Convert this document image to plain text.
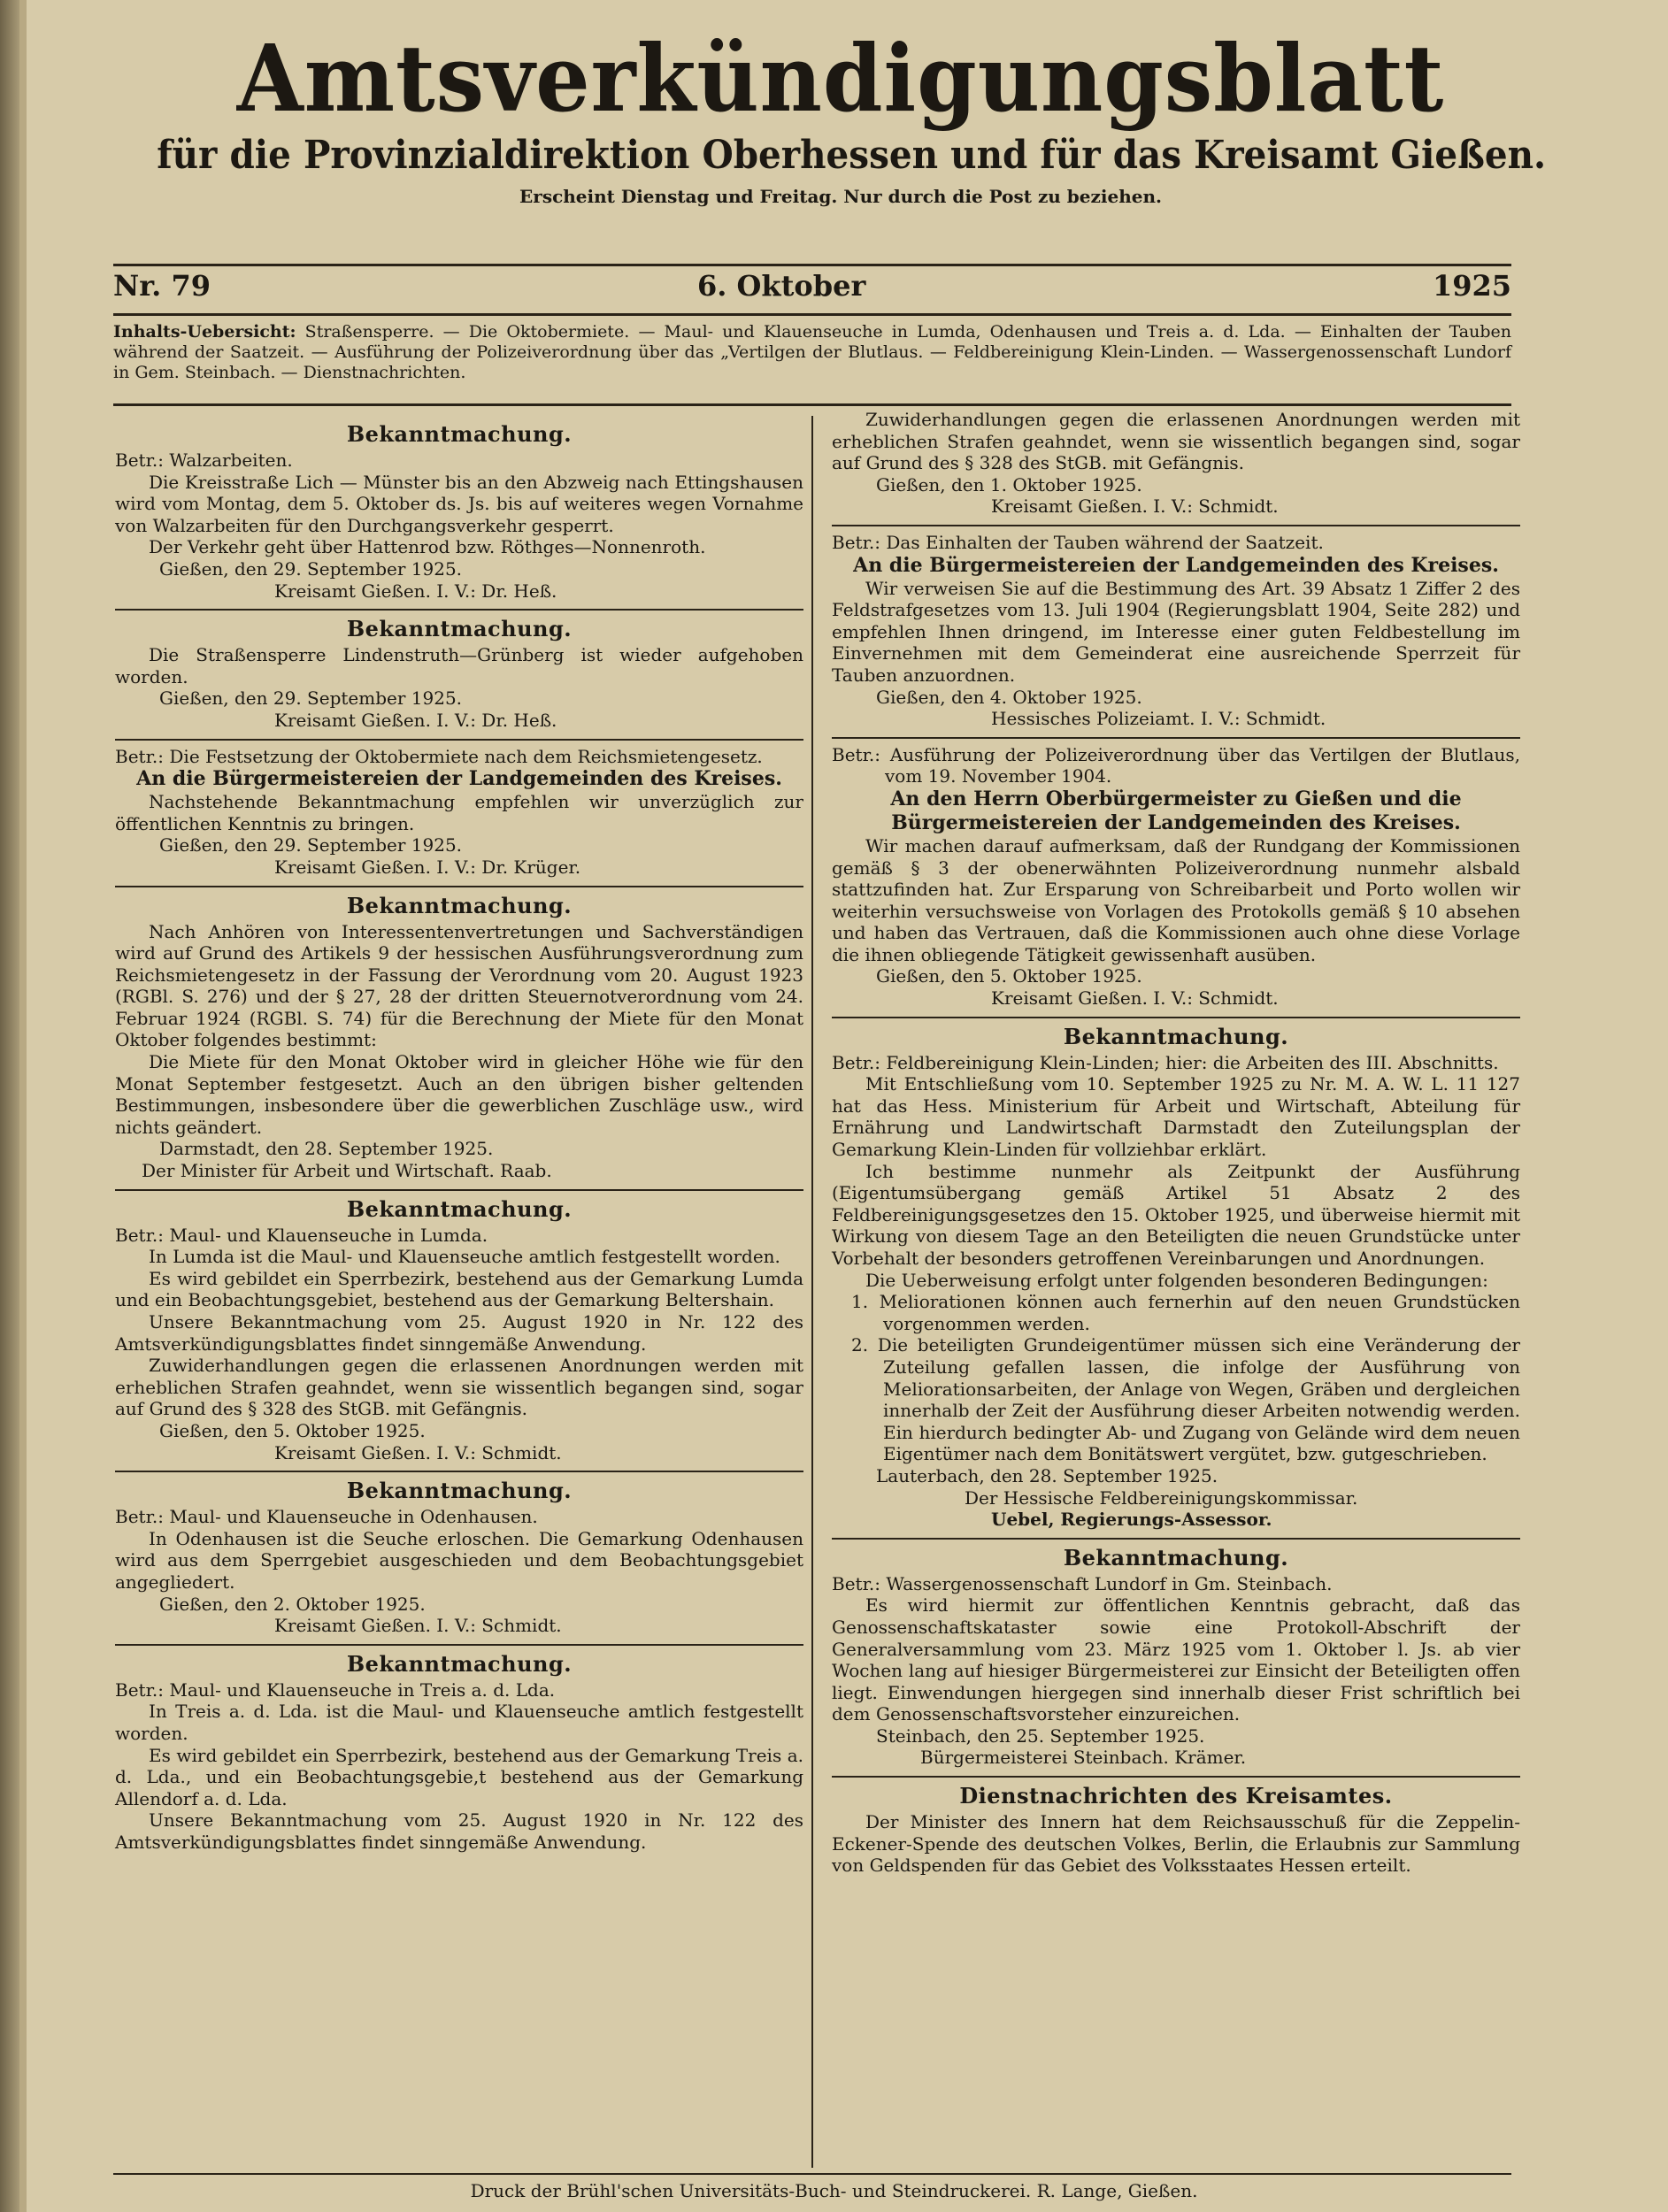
Amtsverkündigungsblatt
für die Provinzialdirektion Oberhessen und für das Kreisamt Gießen.
Erscheint Dienstag und Freitag. Nur durch die Post zu beziehen.
Nr. 79	6. Oktober	1925
Inhalts-Uebersicht: Straßensperre. — Die Oktobermiete. — Maul- und Klauenseuche in Lumda, Odenhausen und Treis a. d. Lda. — Einhalten der Tauben während der Saatzeit. — Ausführung der Polizeiverordnung über das „Vertilgen der Blutlaus. — Feldbereinigung Klein-Linden. — Wassergenossenschaft Lundorf in Gem. Steinbach. — Dienstnachrichten.
Bekanntmachung.

Betr.: Walzarbeiten.

Die Kreisstraße Lich — Münster bis an den Abzweig nach Ettingshausen wird vom Montag, dem 5. Oktober ds. Js. bis auf weiteres wegen Vornahme von Walzarbeiten für den Durchgangsverkehr gesperrt.

Der Verkehr geht über Hattenrod bzw. Röthges—Nonnenroth.

Gießen, den 29. September 1925.

Kreisamt Gießen. I. V.: Dr. Heß.

Bekanntmachung.

Die Straßensperre Lindenstruth—Grünberg ist wieder aufgehoben worden.

Gießen, den 29. September 1925.

Kreisamt Gießen. I. V.: Dr. Heß.

Betr.: Die Festsetzung der Oktobermiete nach dem Reichsmietengesetz.

An die Bürgermeistereien der Landgemeinden des Kreises.

Nachstehende Bekanntmachung empfehlen wir unverzüglich zur öffentlichen Kenntnis zu bringen.

Gießen, den 29. September 1925.

Kreisamt Gießen. I. V.: Dr. Krüger.

Bekanntmachung.

Nach Anhören von Interessentenvertretungen und Sachverständigen wird auf Grund des Artikels 9 der hessischen Ausführungsverordnung zum Reichsmietengesetz in der Fassung der Verordnung vom 20. August 1923 (RGBl. S. 276) und der § 27, 28 der dritten Steuernotverordnung vom 24. Februar 1924 (RGBl. S. 74) für die Berechnung der Miete für den Monat Oktober folgendes bestimmt:

Die Miete für den Monat Oktober wird in gleicher Höhe wie für den Monat September festgesetzt. Auch an den übrigen bisher geltenden Bestimmungen, insbesondere über die gewerblichen Zuschläge usw., wird nichts geändert.

Darmstadt, den 28. September 1925.

Der Minister für Arbeit und Wirtschaft. Raab.

Bekanntmachung.

Betr.: Maul- und Klauenseuche in Lumda.

In Lumda ist die Maul- und Klauenseuche amtlich festgestellt worden.

Es wird gebildet ein Sperrbezirk, bestehend aus der Gemarkung Lumda und ein Beobachtungsgebiet, bestehend aus der Gemarkung Beltershain.

Unsere Bekanntmachung vom 25. August 1920 in Nr. 122 des Amtsverkündigungsblattes findet sinngemäße Anwendung.

Zuwiderhandlungen gegen die erlassenen Anordnungen werden mit erheblichen Strafen geahndet, wenn sie wissentlich begangen sind, sogar auf Grund des § 328 des StGB. mit Gefängnis.

Gießen, den 5. Oktober 1925.

Kreisamt Gießen. I. V.: Schmidt.

Bekanntmachung.

Betr.: Maul- und Klauenseuche in Odenhausen.

In Odenhausen ist die Seuche erloschen. Die Gemarkung Odenhausen wird aus dem Sperrgebiet ausgeschieden und dem Beobachtungsgebiet angegliedert.

Gießen, den 2. Oktober 1925.

Kreisamt Gießen. I. V.: Schmidt.

Bekanntmachung.

Betr.: Maul- und Klauenseuche in Treis a. d. Lda.

In Treis a. d. Lda. ist die Maul- und Klauenseuche amtlich festgestellt worden.

Es wird gebildet ein Sperrbezirk, bestehend aus der Gemarkung Treis a. d. Lda., und ein Beobachtungsgebie,t bestehend aus der Gemarkung Allendorf a. d. Lda.

Unsere Bekanntmachung vom 25. August 1920 in Nr. 122 des Amtsverkündigungsblattes findet sinngemäße Anwendung.

Zuwiderhandlungen gegen die erlassenen Anordnungen werden mit erheblichen Strafen geahndet, wenn sie wissentlich begangen sind, sogar auf Grund des § 328 des StGB. mit Gefängnis.

Gießen, den 1. Oktober 1925.

Kreisamt Gießen. I. V.: Schmidt.

Betr.: Das Einhalten der Tauben während der Saatzeit.

An die Bürgermeistereien der Landgemeinden des Kreises.

Wir verweisen Sie auf die Bestimmung des Art. 39 Absatz 1 Ziffer 2 des Feldstrafgesetzes vom 13. Juli 1904 (Regierungsblatt 1904, Seite 282) und empfehlen Ihnen dringend, im Interesse einer guten Feldbestellung im Einvernehmen mit dem Gemeinderat eine ausreichende Sperrzeit für Tauben anzuordnen.

Gießen, den 4. Oktober 1925.

Hessisches Polizeiamt. I. V.: Schmidt.

Betr.: Ausführung der Polizeiverordnung über das Vertilgen der Blutlaus, vom 19. November 1904.

An den Herrn Oberbürgermeister zu Gießen und die Bürgermeistereien der Landgemeinden des Kreises.

Wir machen darauf aufmerksam, daß der Rundgang der Kommissionen gemäß § 3 der obenerwähnten Polizeiverordnung nunmehr alsbald stattzufinden hat. Zur Ersparung von Schreibarbeit und Porto wollen wir weiterhin versuchsweise von Vorlagen des Protokolls gemäß § 10 absehen und haben das Vertrauen, daß die Kommissionen auch ohne diese Vorlage die ihnen obliegende Tätigkeit gewissenhaft ausüben.

Gießen, den 5. Oktober 1925.

Kreisamt Gießen. I. V.: Schmidt.

Bekanntmachung.

Betr.: Feldbereinigung Klein-Linden; hier: die Arbeiten des III. Abschnitts.

Mit Entschließung vom 10. September 1925 zu Nr. M. A. W. L. 11 127 hat das Hess. Ministerium für Arbeit und Wirtschaft, Abteilung für Ernährung und Landwirtschaft Darmstadt den Zuteilungsplan der Gemarkung Klein-Linden für vollziehbar erklärt.

Ich bestimme nunmehr als Zeitpunkt der Ausführung (Eigentumsübergang gemäß Artikel 51 Absatz 2 des Feldbereinigungsgesetzes den 15. Oktober 1925, und überweise hiermit mit Wirkung von diesem Tage an den Beteiligten die neuen Grundstücke unter Vorbehalt der besonders getroffenen Vereinbarungen und Anordnungen.

Die Ueberweisung erfolgt unter folgenden besonderen Bedingungen:

1. Meliorationen können auch fernerhin auf den neuen Grundstücken vorgenommen werden.

2. Die beteiligten Grundeigentümer müssen sich eine Veränderung der Zuteilung gefallen lassen, die infolge der Ausführung von Meliorationsarbeiten, der Anlage von Wegen, Gräben und dergleichen innerhalb der Zeit der Ausführung dieser Arbeiten notwendig werden. Ein hierdurch bedingter Ab- und Zugang von Gelände wird dem neuen Eigentümer nach dem Bonitätswert vergütet, bzw. gutgeschrieben.

Lauterbach, den 28. September 1925.

Der Hessische Feldbereinigungskommissar.

Uebel, Regierungs-Assessor.

Bekanntmachung.

Betr.: Wassergenossenschaft Lundorf in Gm. Steinbach.

Es wird hiermit zur öffentlichen Kenntnis gebracht, daß das Genossenschaftskataster sowie eine Protokoll-Abschrift der Generalversammlung vom 23. März 1925 vom 1. Oktober l. Js. ab vier Wochen lang auf hiesiger Bürgermeisterei zur Einsicht der Beteiligten offen liegt. Einwendungen hiergegen sind innerhalb dieser Frist schriftlich bei dem Genossenschaftsvorsteher einzureichen.

Steinbach, den 25. September 1925.

Bürgermeisterei Steinbach. Krämer.

Dienstnachrichten des Kreisamtes.

Der Minister des Innern hat dem Reichsausschuß für die Zeppelin-Eckener-Spende des deutschen Volkes, Berlin, die Erlaubnis zur Sammlung von Geldspenden für das Gebiet des Volksstaates Hessen erteilt.

Druck der Brühl'schen Universitäts-Buch- und Steindruckerei. R. Lange, Gießen.
